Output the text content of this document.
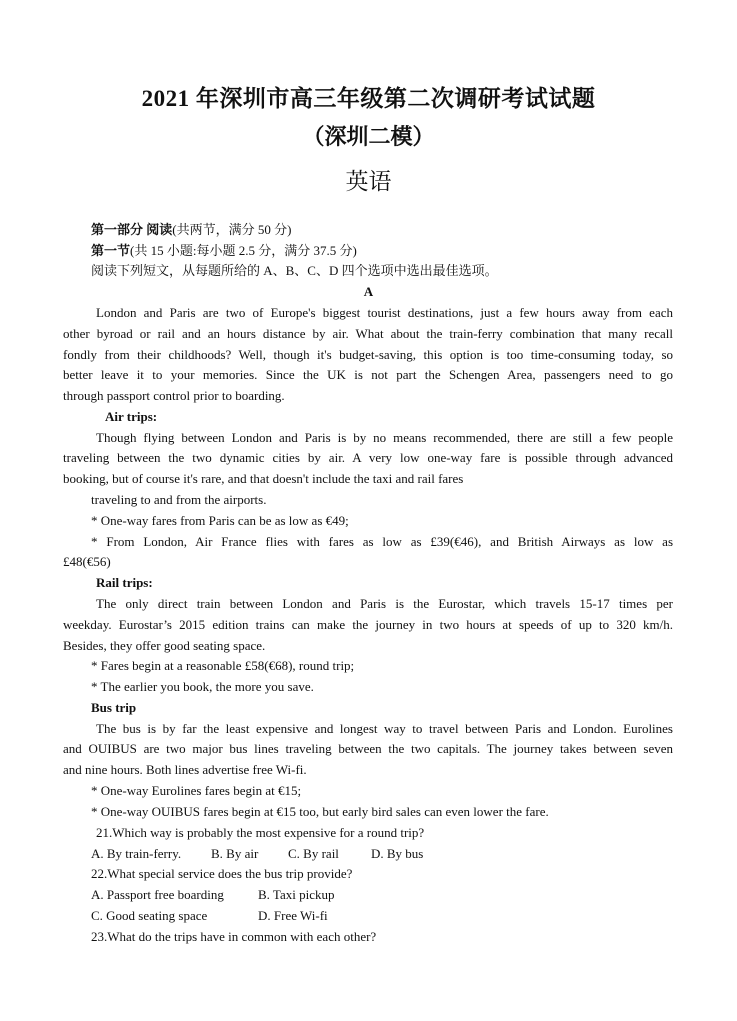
2021 年深圳市高三年级第二次调研考试试题
（深圳二模）
英语
第一部分 阅读(共两节，满分 50 分)
第一节(共 15 小题:每小题 2.5 分，满分 37.5 分)
阅读下列短文，从每题所给的 A、B、C、D 四个选项中选出最佳选项。
A
London and Paris are two of Europe's biggest tourist destinations, just a few hours away from each
other byroad or rail and an hours distance by air. What about the train-ferry combination that many recall
fondly from their childhoods? Well, though it's budget-saving, this option is too time-consuming today, so
better leave it to your memories. Since the UK is not part the Schengen Area, passengers need to go
through passport control prior to boarding.
Air trips:
Though flying between London and Paris is by no means recommended, there are still a few people
traveling between the two dynamic cities by air. A very low one-way fare is possible through advanced
booking, but of course it's rare, and that doesn't include the taxi and rail fares
traveling to and from the airports.
* One-way fares from Paris can be as low as €49;
* From London, Air France flies with fares as low as £39(€46), and British Airways as low as
£48(€56)
Rail trips:
The only direct train between London and Paris is the Eurostar, which travels 15-17 times per
weekday. Eurostar’s 2015 edition trains can make the journey in two hours at speeds of up to 320 km/h.
Besides, they offer good seating space.
* Fares begin at a reasonable £58(€68), round trip;
* The earlier you book, the more you save.
Bus trip
The bus is by far the least expensive and longest way to travel between Paris and London. Eurolines
and OUIBUS are two major bus lines traveling between the two capitals. The journey takes between seven
and nine hours. Both lines advertise free Wi-fi.
* One-way Eurolines fares begin at €15;
* One-way OUIBUS fares begin at €15 too, but early bird sales can even lower the fare.
21.Which way is probably the most expensive for a round trip?
A. By train-ferry. B. By air C. By rail D. By bus
22.What special service does the bus trip provide?
A. Passport free boarding	B. Taxi pickup
C. Good seating space	D. Free Wi-fi
23.What do the trips have in common with each other?
